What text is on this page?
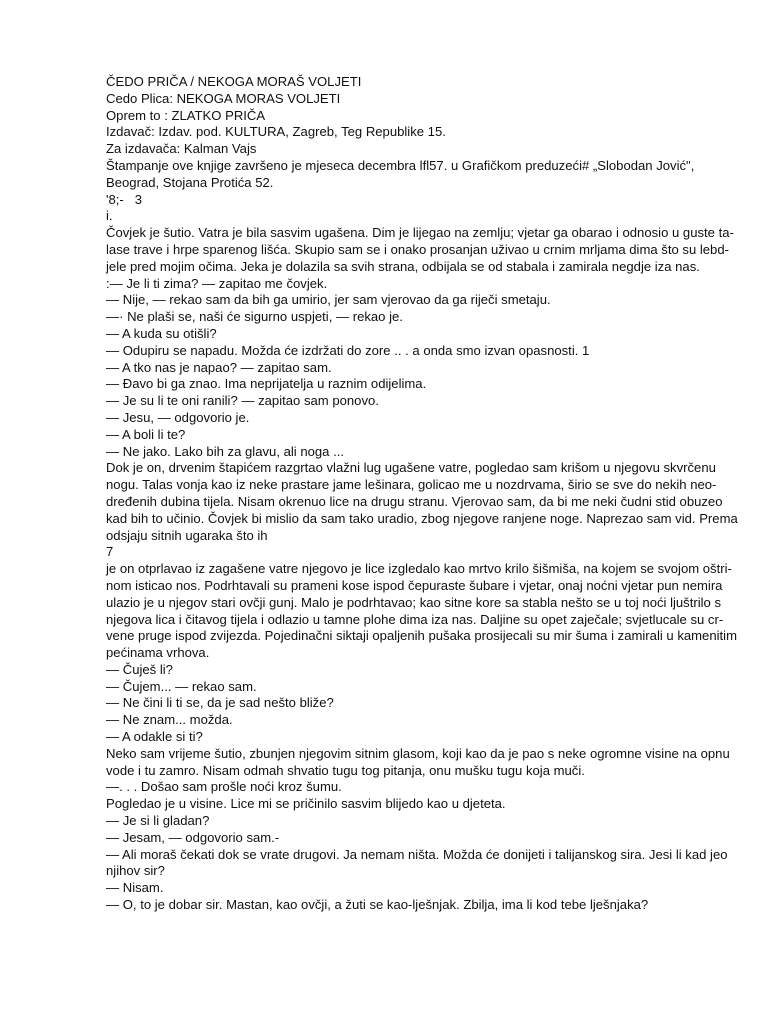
ČEDO PRIČA / NEKOGA MORAŠ VOLJETI
Cedo Plica: NEKOGA MORAS VOLJETI
Oprem to : ZLATKO PRIČA
Izdavač: Izdav. pod. KULTURA, Zagreb, Teg Republike 15.
Za izdavača: Kalman Vajs
Štampanje ove knjige završeno je mjeseca decembra lfl57. u Grafičkom preduzeći# „Slobodan Jović",
Beograd, Stojana Protića 52.
'8;-   3
i.
Čovjek je šutio. Vatra je bila sasvim ugašena. Dim je lijegao na zemlju; vjetar ga obarao i odnosio u guste ta-
lase trave i hrpe sparenog lišća. Skupio sam se i onako prosanjan uživao u crnim mrljama dima što su lebd-
jele pred mojim očima. Jeka je dolazila sa svih strana, odbijala se od stabala i zamirala negdje iza nas.
:— Je li ti zima? — zapitao me čovjek.
— Nije, — rekao sam da bih ga umirio, jer sam vjerovao da ga riječi smetaju.
—· Ne plaši se, naši će sigurno uspjeti, — rekao je.
— A kuda su otišli?
— Odupiru se napadu. Možda će izdržati do zore .. . a onda smo izvan opasnosti. 1
— A tko nas je napao? — zapitao sam.
— Đavo bi ga znao. Ima neprijatelja u raznim odijelima.
— Je su li te oni ranili? — zapitao sam ponovo.
— Jesu, — odgovorio je.
— A boli li te?
— Ne jako. Lako bih za glavu, ali noga ...
Dok je on, drvenim štapićem razgrtao vlažni lug ugašene vatre, pogledao sam krišom u njegovu skvrčenu
nogu. Talas vonja kao iz neke prastare jame lešinara, golicao me u nozdrvama, širio se sve do nekih neo-
dređenih dubina tijela. Nisam okrenuo lice na drugu stranu. Vjerovao sam, da bi me neki čudni stid obuzeo
kad bih to učinio. Čovjek bi mislio da sam tako uradio, zbog njegove ranjene noge. Naprezao sam vid. Prema
odsjaju sitnih ugaraka što ih
7
je on otprlavao iz zagašene vatre njegovo je lice izgledalo kao mrtvo krilo šišmiša, na kojem se svojom oštri-
nom isticao nos. Podrhtavali su prameni kose ispod čepuraste šubare i vjetar, onaj noćni vjetar pun nemira
ulazio je u njegov stari ovčji gunj. Malo je podrhtavao; kao sitne kore sa stabla nešto se u toj noći ljuštrilo s
njegova lica i čitavog tijela i odlazio u tamne plohe dima iza nas. Daljine su opet zaječale; svjetlucale su cr-
vene pruge ispod zvijezda. Pojedinačni siktaji opaljenih pušaka prosijecali su mir šuma i zamirali u kamenitim
pećinama vrhova.
— Čuješ li?
— Čujem... — rekao sam.
— Ne čini li ti se, da je sad nešto bliže?
— Ne znam... možda.
— A odakle si ti?
Neko sam vrijeme šutio, zbunjen njegovim sitnim glasom, koji kao da je pao s neke ogromne visine na opnu
vode i tu zamro. Nisam odmah shvatio tugu tog pitanja, onu mušku tugu koja muči.
—. . . Došao sam prošle noći kroz šumu.
Pogledao je u visine. Lice mi se pričinilo sasvim blijedo kao u djeteta.
— Je si li gladan?
— Jesam, — odgovorio sam.-
— Ali moraš čekati dok se vrate drugovi. Ja nemam ništa. Možda će donijeti i talijanskog sira. Jesi li kad jeo
njihov sir?
— Nisam.
— O, to je dobar sir. Mastan, kao ovčji, a žuti se kao-lješnjak. Zbilja, ima li kod tebe lješnjaka?
